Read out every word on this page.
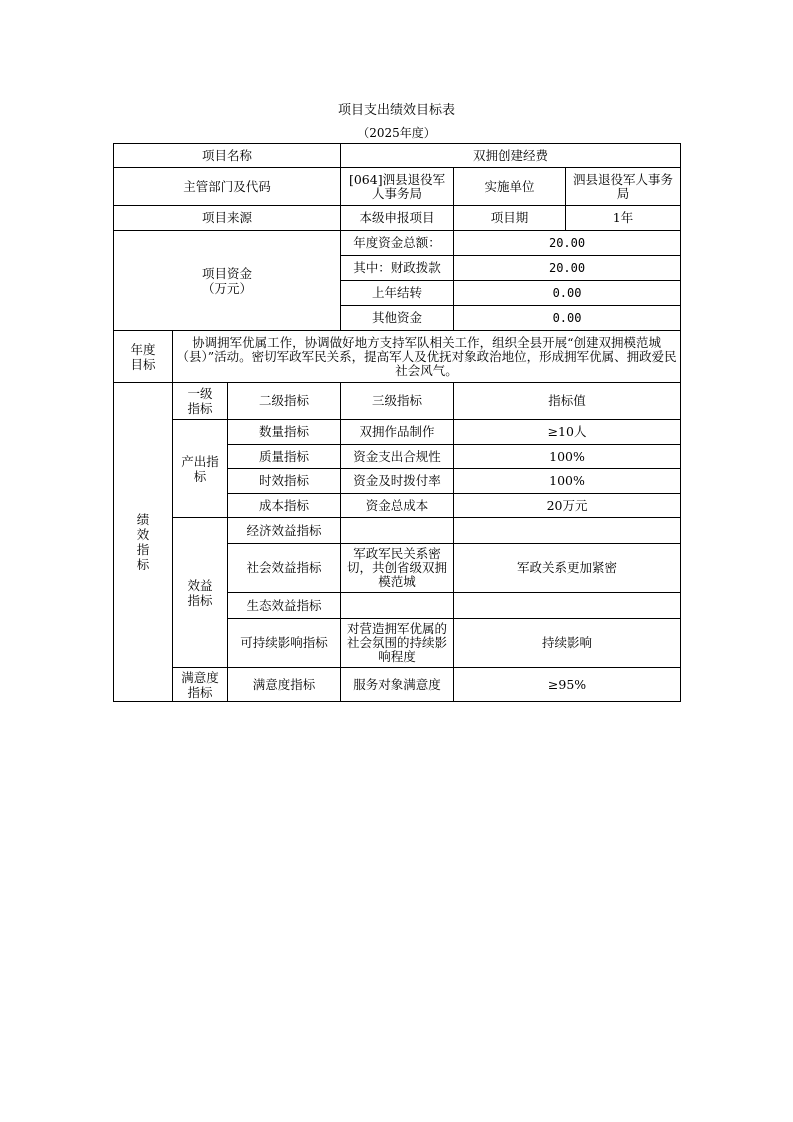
项目支出绩效目标表
（2025年度）
项目名称			双拥创建经费		
主管部门及代码			[064]泗县退役军人事务局	实施单位	泗县退役军人事务局
项目来源			本级申报项目	项目期	1年
项目资金（万元）			年度资金总额：	20.00	
			其中：财政拨款	20.00	
			上年结转	0.00	
			其他资金	0.00	
年度目标	协调拥军优属工作，协调做好地方支持军队相关工作，组织全县开展“创建双拥模范城（县）”活动。密切军政军民关系，提高军人及优抚对象政治地位，形成拥军优属、拥政爱民社会风气。				
绩效指标	一级指标	二级指标	三级指标	指标值	
	产出指标	数量指标	双拥作品制作	≥10人	
		质量指标	资金支出合规性	100%	
		时效指标	资金及时拨付率	100%	
		成本指标	资金总成本	20万元	
	效益指标	经济效益指标			
		社会效益指标	军政军民关系密切，共创省级双拥模范城	军政关系更加紧密	
		生态效益指标			
		可持续影响指标	对营造拥军优属的社会氛围的持续影响程度	持续影响	
	满意度指标	满意度指标	服务对象满意度	≥95%	
